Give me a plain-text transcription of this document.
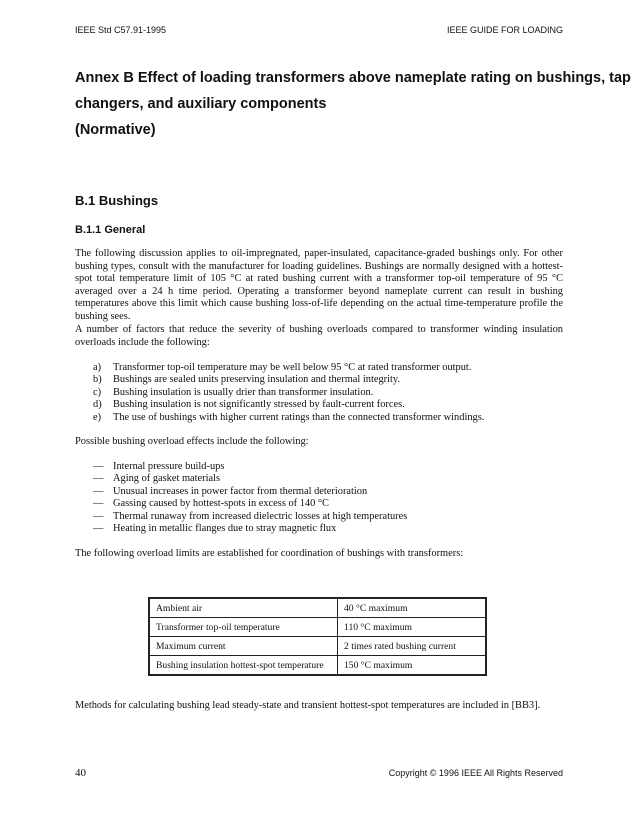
IEEE Std C57.91-1995	IEEE GUIDE FOR LOADING
Annex B Effect of loading transformers above nameplate rating on bushings, tap
changers, and auxiliary components
(Normative)
B.1 Bushings
B.1.1 General
The following discussion applies to oil-impregnated, paper-insulated, capacitance-graded bushings only. For other bushing types, consult with the manufacturer for loading guidelines. Bushings are normally designed with a hottest-spot total temperature limit of 105 °C at rated bushing current with a transformer top-oil temperature of 95 °C averaged over a 24 h time period. Operating a transformer beyond nameplate current can result in bushing temperatures above this limit which cause bushing loss-of-life depending on the actual time-temperature profile the bushing sees.
A number of factors that reduce the severity of bushing overloads compared to transformer winding insulation overloads include the following:
a) Transformer top-oil temperature may be well below 95 °C at rated transformer output.
b) Bushings are sealed units preserving insulation and thermal integrity.
c) Bushing insulation is usually drier than transformer insulation.
d) Bushing insulation is not significantly stressed by fault-current forces.
e) The use of bushings with higher current ratings than the connected transformer windings.
Possible bushing overload effects include the following:
— Internal pressure build-ups
— Aging of gasket materials
— Unusual increases in power factor from thermal deterioration
— Gassing caused by hottest-spots in excess of 140 °C
— Thermal runaway from increased dielectric losses at high temperatures
— Heating in metallic flanges due to stray magnetic flux
The following overload limits are established for coordination of bushings with transformers:
Ambient air	40 °C maximum
Transformer top-oil temperature	110 °C maximum
Maximum current	2 times rated bushing current
Bushing insulation hottest-spot temperature	150 °C maximum
Methods for calculating bushing lead steady-state and transient hottest-spot temperatures are included in [BB3].
40	Copyright © 1996 IEEE All Rights Reserved
